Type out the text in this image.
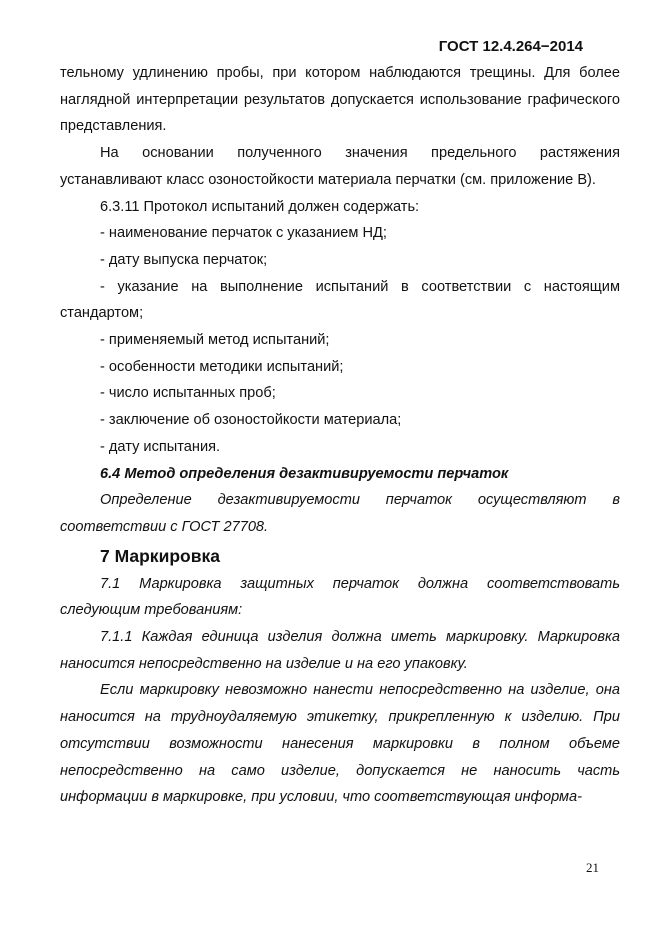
ГОСТ 12.4.264−2014

тельному удлинению пробы, при котором наблюдаются трещины. Для более наглядной интерпретации результатов допускается использование графического представления.

На основании полученного значения предельного растяжения устанавливают класс озоностойкости материала перчатки (см. приложение В).

6.3.11 Протокол испытаний должен содержать:

- наименование перчаток с указанием НД;

- дату выпуска перчаток;

- указание на выполнение испытаний в соответствии с настоящим стандартом;

- применяемый метод испытаний;

- особенности методики испытаний;

- число испытанных проб;

- заключение об озоностойкости материала;

- дату испытания.

6.4 Метод определения дезактивируемости перчаток

Определение дезактивируемости перчаток осуществляют в соответствии с ГОСТ 27708.

7 Маркировка

7.1 Маркировка защитных перчаток должна соответствовать следующим требованиям:

7.1.1 Каждая единица изделия должна иметь маркировку. Маркировка наносится непосредственно на изделие и на его упаковку.

Если маркировку невозможно нанести непосредственно на изделие, она наносится на трудноудаляемую этикетку, прикрепленную к изделию. При отсутствии возможности нанесения маркировки в полном объеме непосредственно на само изделие, допускается не наносить часть информации в маркировке, при условии, что соответствующая информа-

21
